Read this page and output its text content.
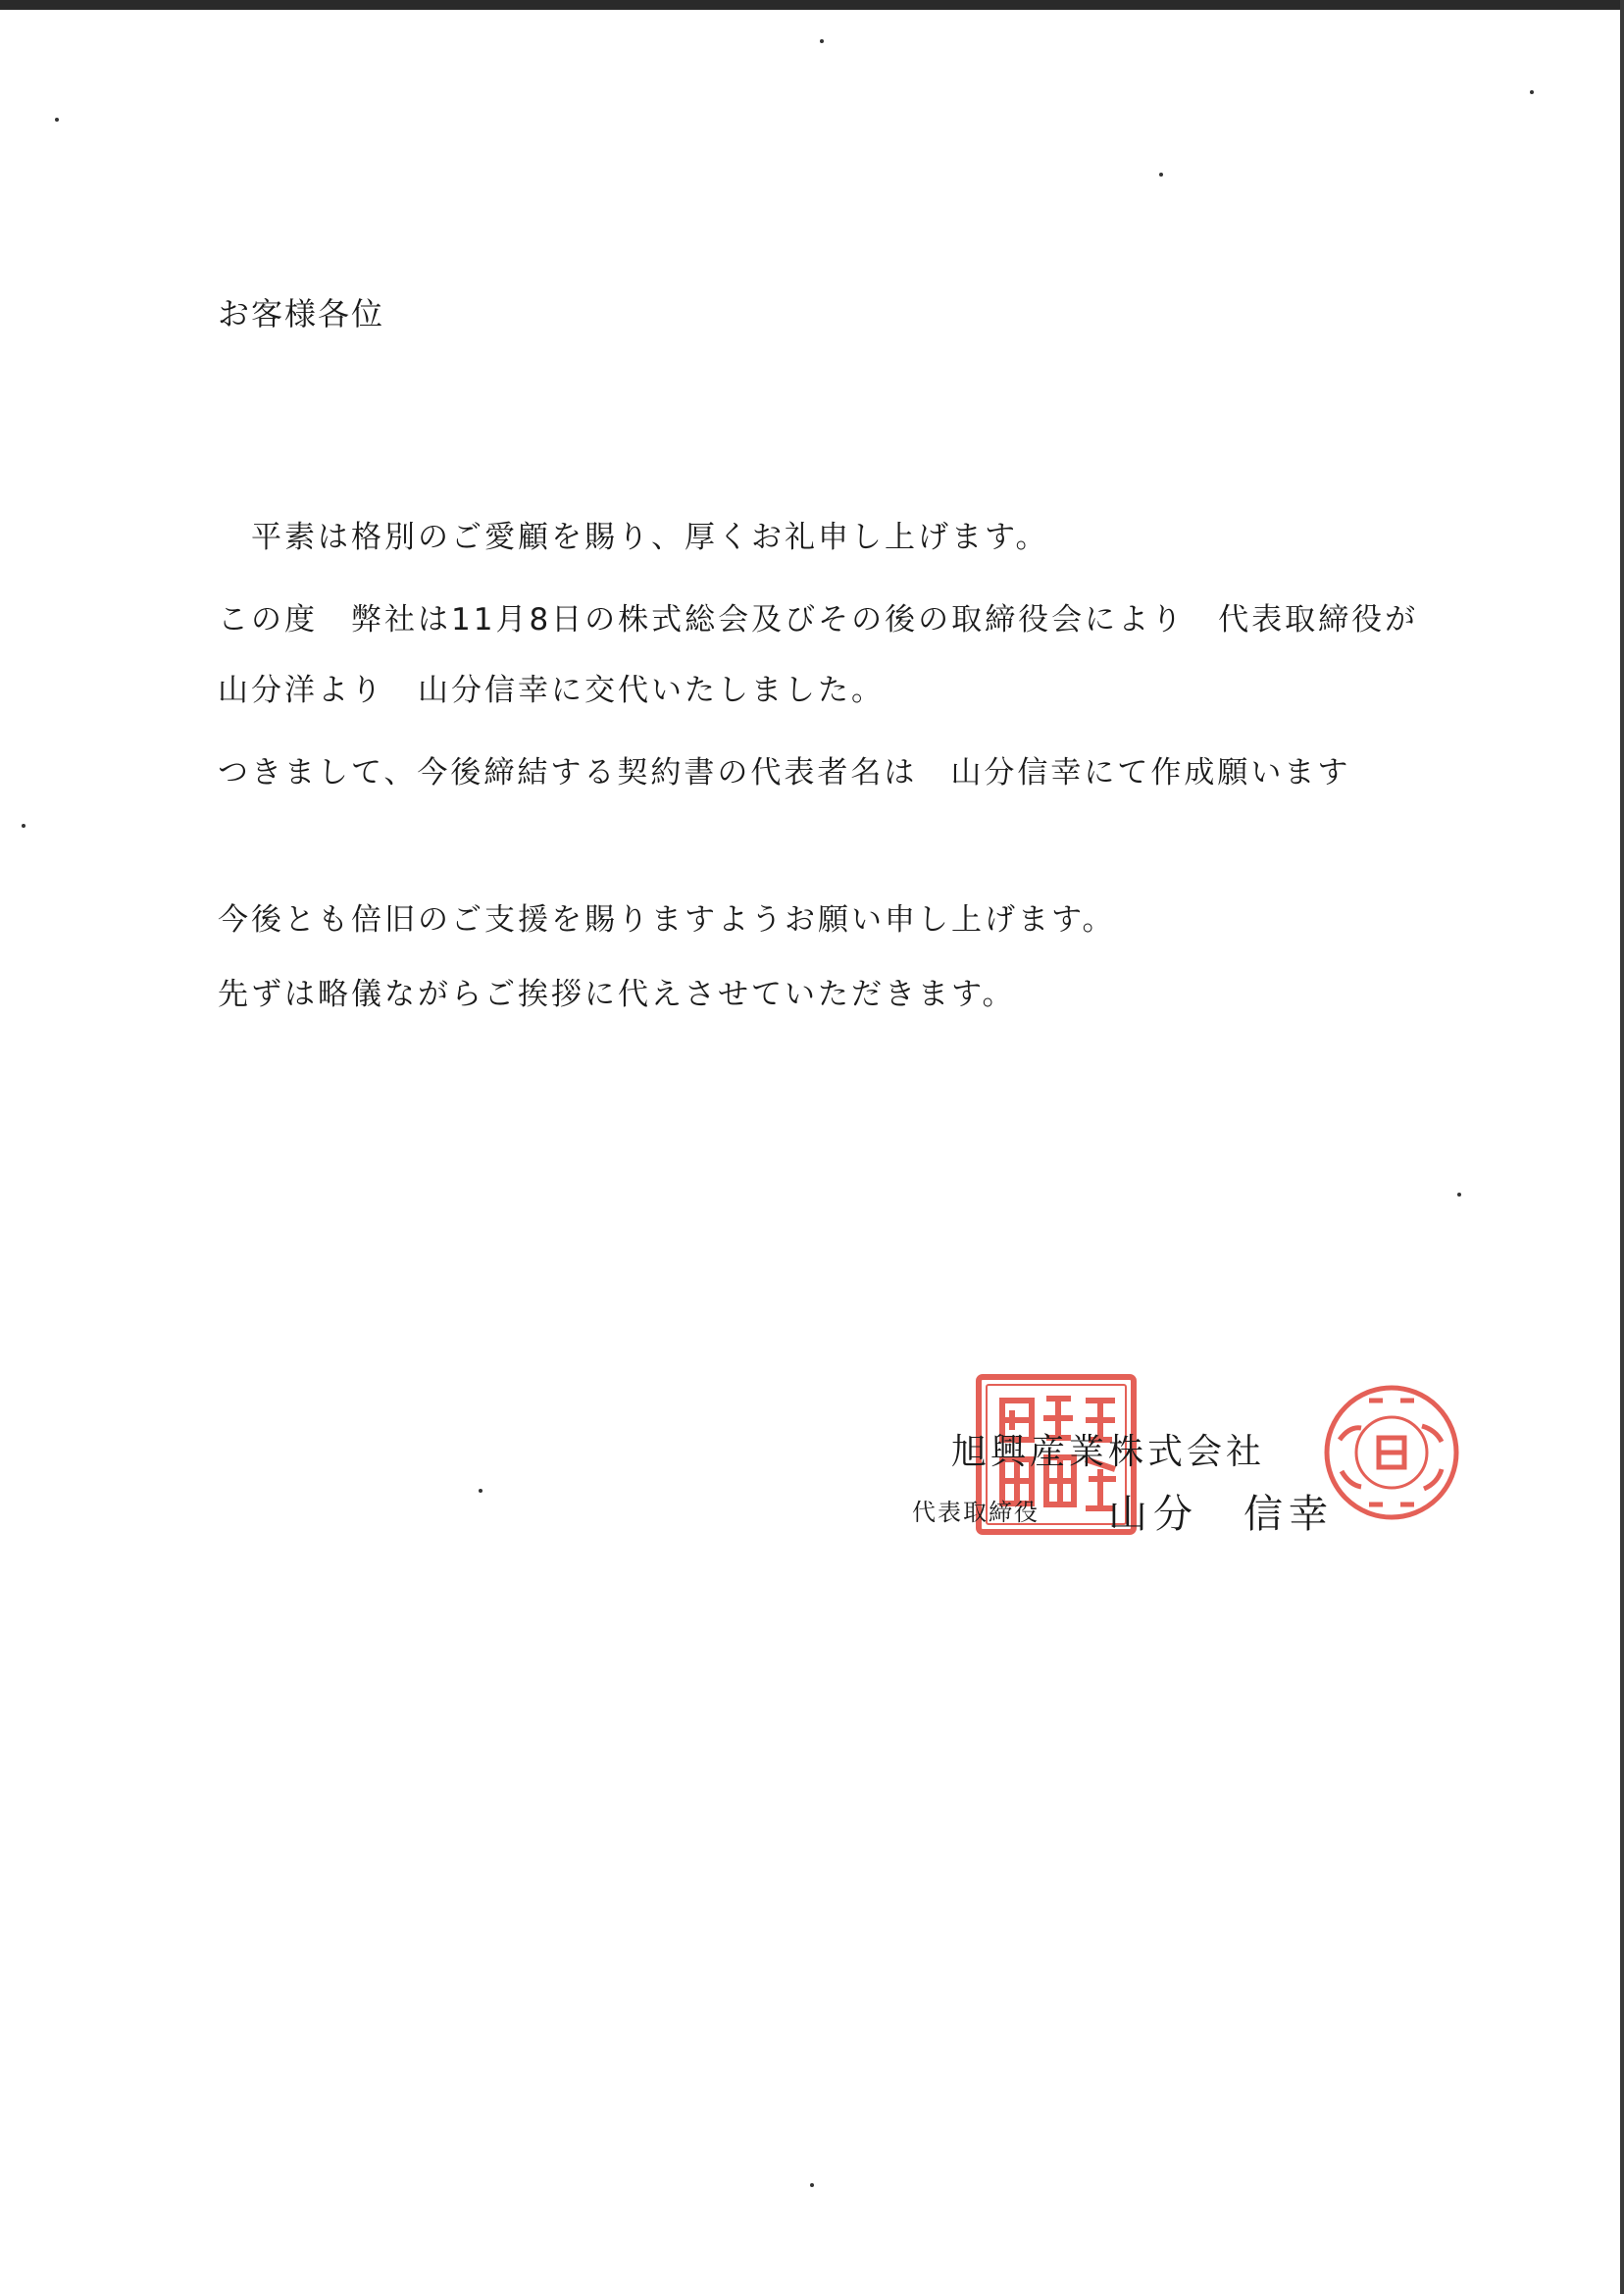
お客様各位
　平素は格別のご愛顧を賜り、厚くお礼申し上げます。
この度　弊社は11月8日の株式総会及びその後の取締役会により　代表取締役が
山分洋より　山分信幸に交代いたしました。
つきまして、今後締結する契約書の代表者名は　山分信幸にて作成願います
今後とも倍旧のご支援を賜りますようお願い申し上げます。
先ずは略儀ながらご挨拶に代えさせていただきます。
旭興産業株式会社
代表取締役 山分　信幸
